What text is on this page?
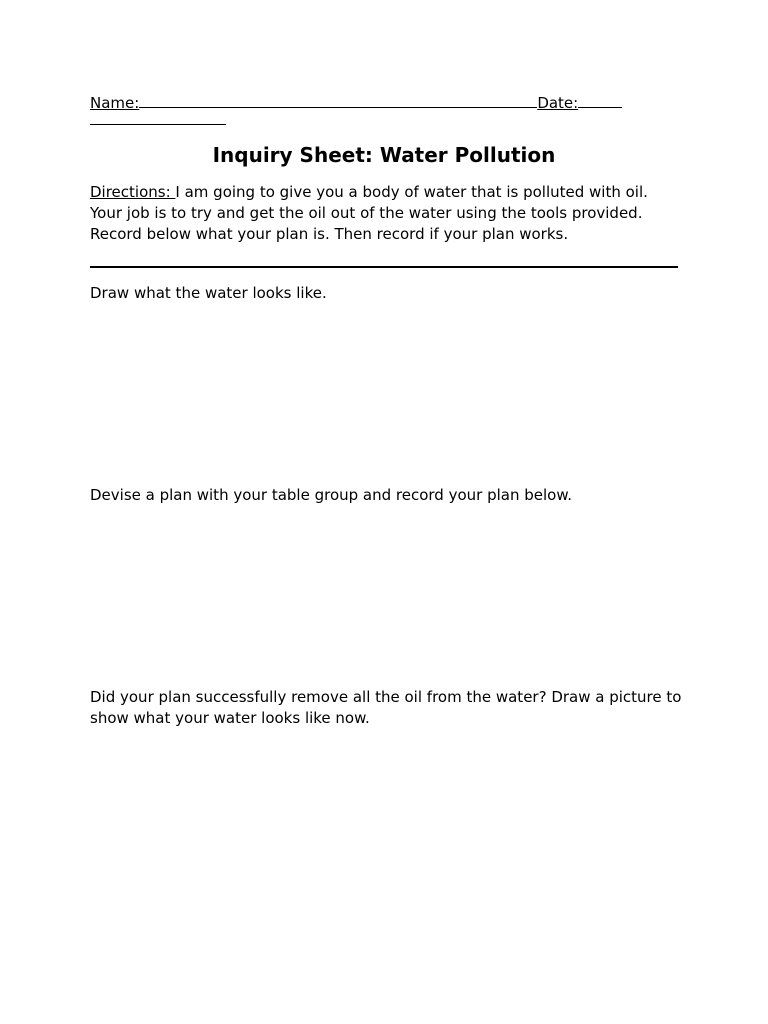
Name:	Date:
Inquiry Sheet: Water Pollution
Directions: I am going to give you a body of water that is polluted with oil. Your job is to try and get the oil out of the water using the tools provided. Record below what your plan is. Then record if your plan works.
Draw what the water looks like.
Devise a plan with your table group and record your plan below.
Did your plan successfully remove all the oil from the water? Draw a picture to show what your water looks like now.
